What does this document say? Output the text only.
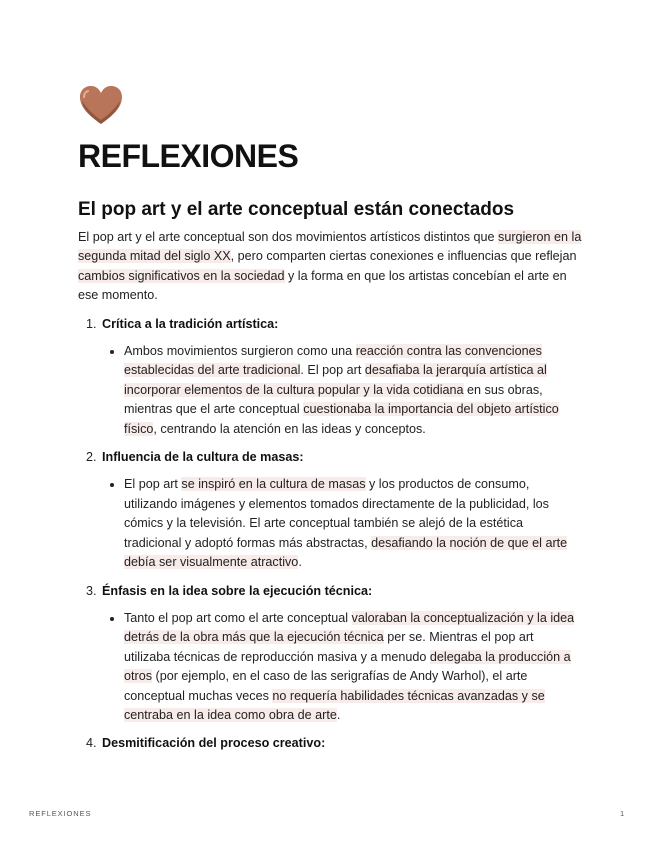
REFLEXIONES
El pop art y el arte conceptual están conectados

El pop art y el arte conceptual son dos movimientos artísticos distintos que surgieron en la segunda mitad del siglo XX, pero comparten ciertas conexiones e influencias que reflejan cambios significativos en la sociedad y la forma en que los artistas concebían el arte en ese momento.

1. Crítica a la tradición artística:
• Ambos movimientos surgieron como una reacción contra las convenciones establecidas del arte tradicional. El pop art desafiaba la jerarquía artística al incorporar elementos de la cultura popular y la vida cotidiana en sus obras, mientras que el arte conceptual cuestionaba la importancia del objeto artístico físico, centrando la atención en las ideas y conceptos.
2. Influencia de la cultura de masas:
• El pop art se inspiró en la cultura de masas y los productos de consumo, utilizando imágenes y elementos tomados directamente de la publicidad, los cómics y la televisión. El arte conceptual también se alejó de la estética tradicional y adoptó formas más abstractas, desafiando la noción de que el arte debía ser visualmente atractivo.
3. Énfasis en la idea sobre la ejecución técnica:
• Tanto el pop art como el arte conceptual valoraban la conceptualización y la idea detrás de la obra más que la ejecución técnica per se. Mientras el pop art utilizaba técnicas de reproducción masiva y a menudo delegaba la producción a otros (por ejemplo, en el caso de las serigrafías de Andy Warhol), el arte conceptual muchas veces no requería habilidades técnicas avanzadas y se centraba en la idea como obra de arte.
4. Desmitificación del proceso creativo:
REFLEXIONES	1
